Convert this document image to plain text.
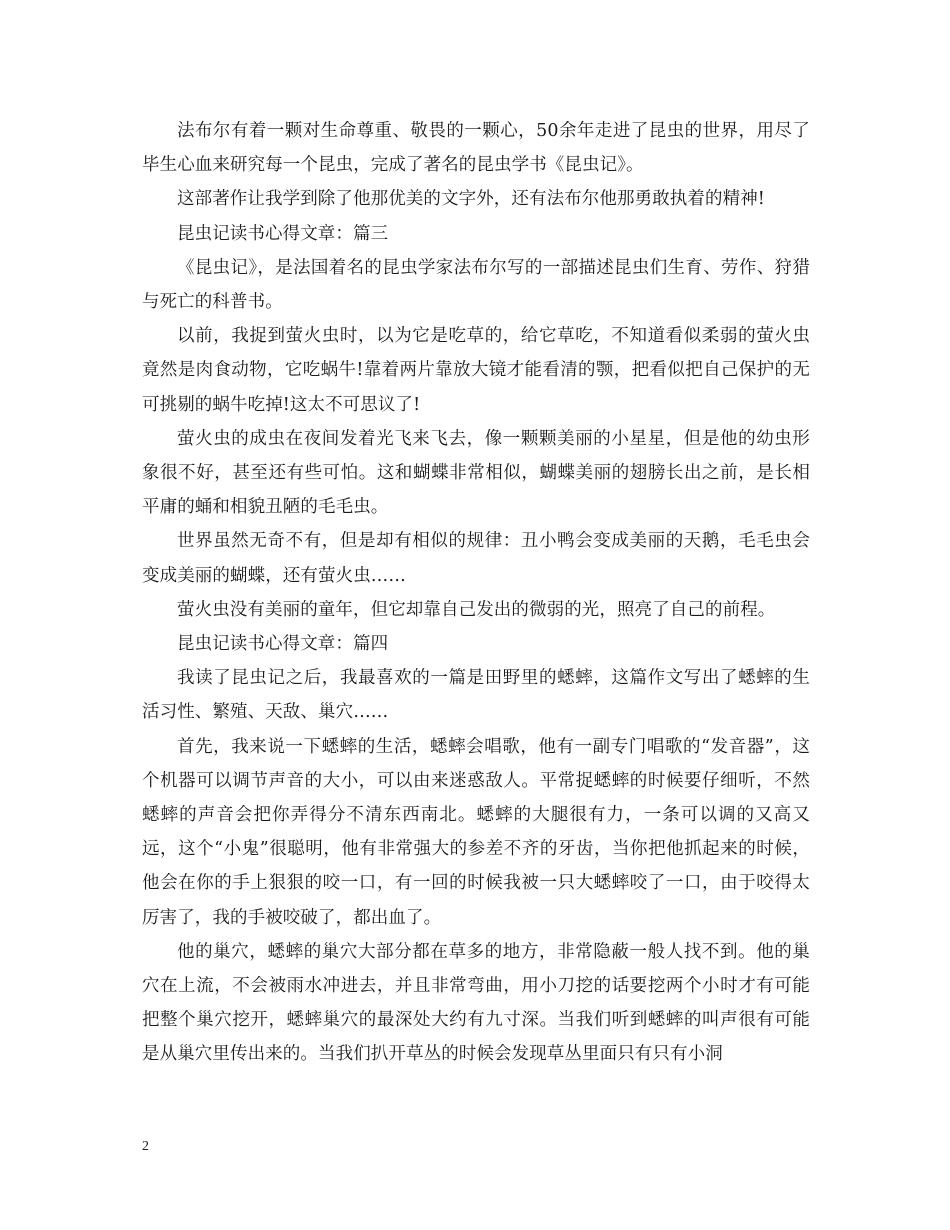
法布尔有着一颗对生命尊重、敬畏的一颗心，50余年走进了昆虫的世界，用尽了毕生心血来研究每一个昆虫，完成了著名的昆虫学书《昆虫记》。

这部著作让我学到除了他那优美的文字外，还有法布尔他那勇敢执着的精神!

昆虫记读书心得文章：篇三

《昆虫记》，是法国着名的昆虫学家法布尔写的一部描述昆虫们生育、劳作、狩猎与死亡的科普书。

以前，我捉到萤火虫时，以为它是吃草的，给它草吃，不知道看似柔弱的萤火虫竟然是肉食动物，它吃蜗牛!靠着两片靠放大镜才能看清的颚，把看似把自己保护的无可挑剔的蜗牛吃掉!这太不可思议了!

萤火虫的成虫在夜间发着光飞来飞去，像一颗颗美丽的小星星，但是他的幼虫形象很不好，甚至还有些可怕。这和蝴蝶非常相似，蝴蝶美丽的翅膀长出之前，是长相平庸的蛹和相貌丑陋的毛毛虫。

世界虽然无奇不有，但是却有相似的规律：丑小鸭会变成美丽的天鹅，毛毛虫会变成美丽的蝴蝶，还有萤火虫……

萤火虫没有美丽的童年，但它却靠自己发出的微弱的光，照亮了自己的前程。

昆虫记读书心得文章：篇四

我读了昆虫记之后，我最喜欢的一篇是田野里的蟋蟀，这篇作文写出了蟋蟀的生活习性、繁殖、天敌、巢穴……

首先，我来说一下蟋蟀的生活，蟋蟀会唱歌，他有一副专门唱歌的“发音器”，这个机器可以调节声音的大小，可以由来迷惑敌人。平常捉蟋蟀的时候要仔细听，不然蟋蟀的声音会把你弄得分不清东西南北。蟋蟀的大腿很有力，一条可以调的又高又远，这个“小鬼”很聪明，他有非常强大的参差不齐的牙齿，当你把他抓起来的时候，他会在你的手上狠狠的咬一口，有一回的时候我被一只大蟋蟀咬了一口，由于咬得太厉害了，我的手被咬破了，都出血了。

他的巢穴，蟋蟀的巢穴大部分都在草多的地方，非常隐蔽一般人找不到。他的巢穴在上流，不会被雨水冲进去，并且非常弯曲，用小刀挖的话要挖两个小时才有可能把整个巢穴挖开，蟋蟀巢穴的最深处大约有九寸深。当我们听到蟋蟀的叫声很有可能是从巢穴里传出来的。当我们扒开草丛的时候会发现草丛里面只有只有小洞

2
